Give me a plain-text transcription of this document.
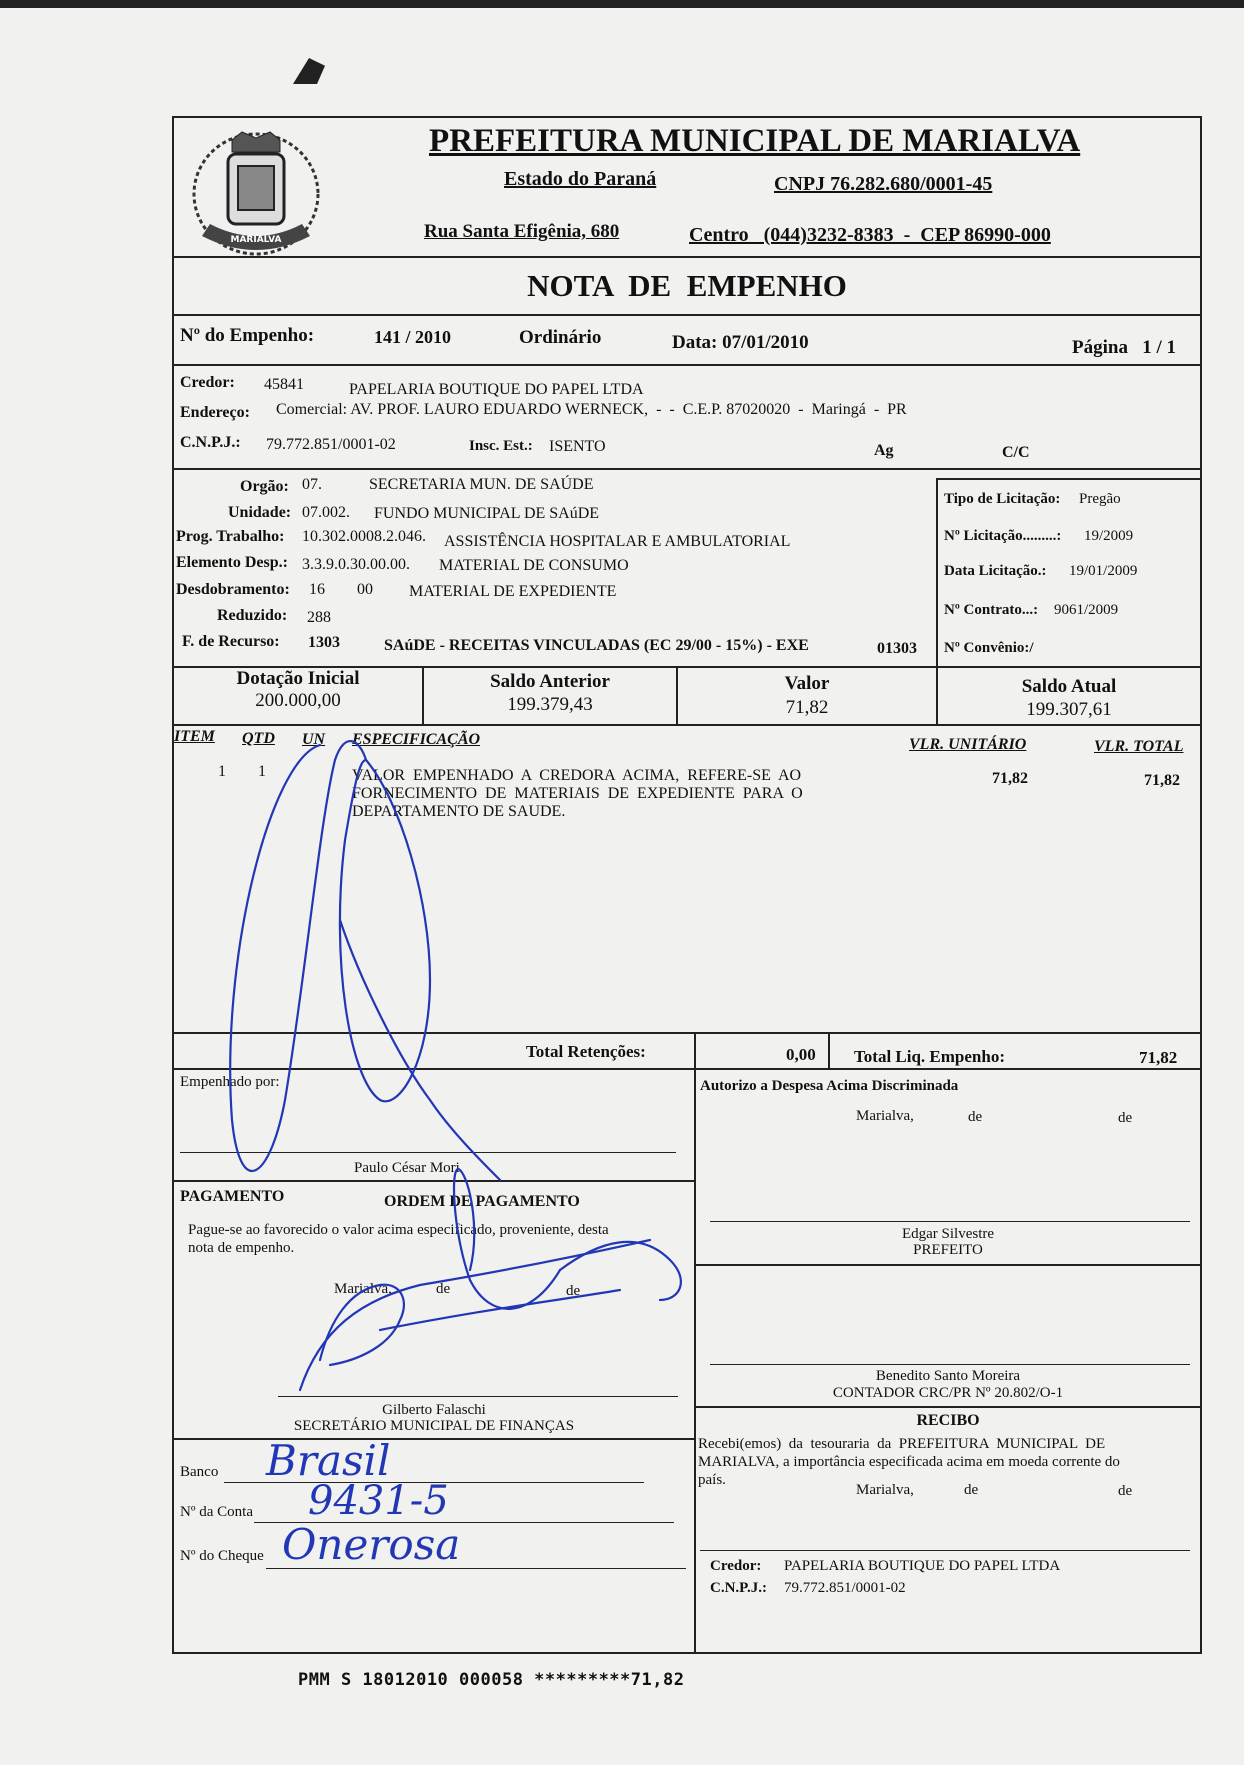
MARIALVA
PREFEITURA MUNICIPAL DE MARIALVA
Estado do Paraná	CNPJ 76.282.680/0001-45
Rua Santa Efigênia, 680	Centro   (044)3232-8383  -  CEP 86990-000
NOTA  DE  EMPENHO
Nº do Empenho:	141 / 2010	Ordinário	Data: 07/01/2010	Página   1 / 1
Credor: 45841	PAPELARIA BOUTIQUE DO PAPEL LTDA
Endereço: Comercial: AV. PROF. LAURO EDUARDO WERNECK,  -  -  C.E.P. 87020020  -  Maringá  -  PR
C.N.P.J.: 79.772.851/0001-02	Insc. Est.: ISENTO	Ag	C/C
Orgão: 07.	SECRETARIA MUN. DE SAÚDE
Unidade: 07.002. FUNDO MUNICIPAL DE SAúDE
Prog. Trabalho: 10.302.0008.2.046. ASSISTÊNCIA HOSPITALAR E AMBULATORIAL
Elemento Desp.: 3.3.9.0.30.00.00. MATERIAL DE CONSUMO
Desdobramento: 16 00 MATERIAL DE EXPEDIENTE
Reduzido: 288
F. de Recurso: 1303	SAúDE - RECEITAS VINCULADAS (EC 29/00 - 15%) - EXE	01303
Tipo de Licitação: Pregão
Nº Licitação.........: 19/2009
Data Licitação.: 19/01/2009
Nº Contrato...: 9061/2009
Nº Convênio:/
Dotação Inicial
200.000,00
Saldo Anterior
199.379,43
Valor
71,82
Saldo Atual
199.307,61
ITEM QTD UN ESPECIFICAÇÃO	VLR. UNITÁRIO	VLR. TOTAL
1 1	VALOR  EMPENHADO  A  CREDORA  ACIMA,  REFERE-SE  AO
FORNECIMENTO  DE  MATERIAIS  DE  EXPEDIENTE  PARA  O
DEPARTAMENTO DE SAUDE.
71,82	71,82
Total Retenções:	0,00 Total Liq. Empenho:	71,82
Empenhado por:
Paulo César Mori
PAGAMENTO	ORDEM DE PAGAMENTO
Pague-se ao favorecido o valor acima especificado, proveniente, desta
nota de empenho.
Marialva,	de	de
Gilberto Falaschi
SECRETÁRIO MUNICIPAL DE FINANÇAS
Banco
Nº da Conta
Nº do Cheque
Autorizo a Despesa Acima Discriminada
Marialva,	de	de
Edgar Silvestre
PREFEITO
Benedito Santo Moreira
CONTADOR CRC/PR Nº 20.802/O-1
RECIBO
Recebi(emos)  da  tesouraria  da  PREFEITURA  MUNICIPAL  DE
MARIALVA, a importância especificada acima em moeda corrente do
país.
Marialva,	de	de
Credor: PAPELARIA BOUTIQUE DO PAPEL LTDA
C.N.P.J.: 79.772.851/0001-02
Brasil
9431-5
Onerosa
PMM S 18012010 000058 *********71,82
